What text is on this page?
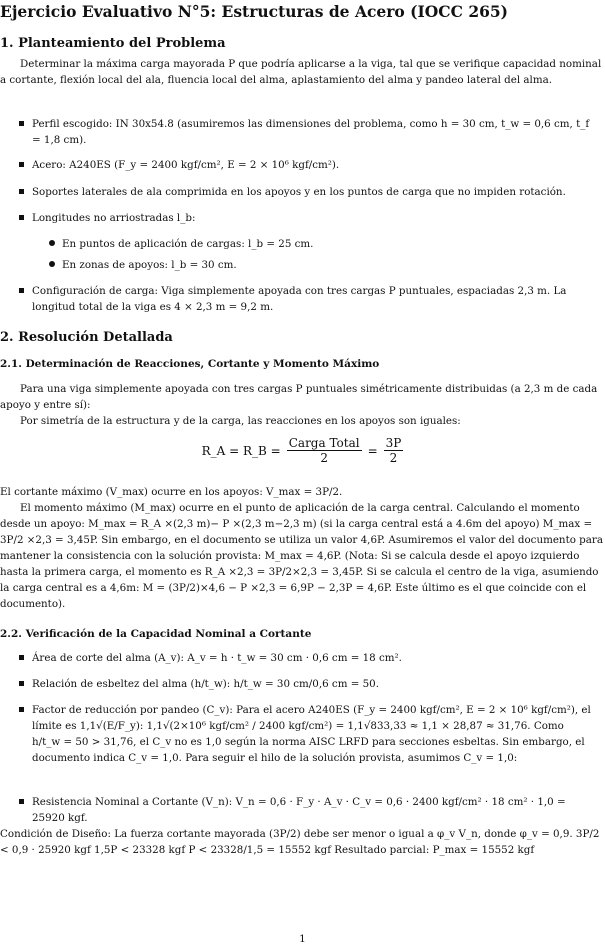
Ejercicio Evaluativo N°5: Estructuras de Acero (IOCC 265)
1. Planteamiento del Problema
Determinar la máxima carga mayorada P que podría aplicarse a la viga, tal que se verifique capacidad nominal a cortante, flexión local del ala, fluencia local del alma, aplastamiento del alma y pandeo lateral del alma.
Perfil escogido: IN 30x54.8 (asumiremos las dimensiones del problema, como h = 30 cm, t_w = 0,6 cm, t_f = 1,8 cm).
Acero: A240ES (F_y = 2400 kgf/cm², E = 2 × 10⁶ kgf/cm²).
Soportes laterales de ala comprimida en los apoyos y en los puntos de carga que no impiden rotación.
Longitudes no arriostradas l_b:
En puntos de aplicación de cargas: l_b = 25 cm.
En zonas de apoyos: l_b = 30 cm.
Configuración de carga: Viga simplemente apoyada con tres cargas P puntuales, espaciadas 2,3 m. La longitud total de la viga es 4 × 2,3 m = 9,2 m.
2. Resolución Detallada
2.1. Determinación de Reacciones, Cortante y Momento Máximo
Para una viga simplemente apoyada con tres cargas P puntuales simétricamente distribuidas (a 2,3 m de cada apoyo y entre sí):
Por simetría de la estructura y de la carga, las reacciones en los apoyos son iguales:
R_A = R_B =
Carga Total
2
= $\frac{3P}{2}$
El cortante máximo (V_max) ocurre en los apoyos: V_max = 3P/2.
El momento máximo (M_max) ocurre en el punto de aplicación de la carga central. Calculando el momento desde un apoyo: M_max = R_A ×(2,3 m)− P ×(2,3 m−2,3 m) (si la carga central está a 4.6m del apoyo) M_max = 3P/2 ×2,3 = 3,45P. Sin embargo, en el documento se utiliza un valor 4,6P. Asumiremos el valor del documento para mantener la consistencia con la solución provista: M_max = 4,6P. (Nota: Si se calcula desde el apoyo izquierdo hasta la primera carga, el momento es R_A ×2,3 = 3P/2×2,3 = 3,45P. Si se calcula el centro de la viga, asumiendo la carga central es a 4,6m: M = (3P/2)×4,6 − P ×2,3 = 6,9P − 2,3P = 4,6P. Este último es el que coincide con el documento).
2.2. Verificación de la Capacidad Nominal a Cortante
Área de corte del alma (A_v): A_v = h · t_w = 30 cm · 0,6 cm = 18 cm².
Relación de esbeltez del alma (h/t_w): h/t_w = 30 cm/0,6 cm = 50.
Factor de reducción por pandeo (C_v): Para el acero A240ES (F_y = 2400 kgf/cm², E = 2 × 10⁶ kgf/cm²), el límite es 1,1√(E/F_y): 1,1√(2×10⁶ kgf/cm² / 2400 kgf/cm²) = 1,1√833,33 ≈ 1,1 × 28,87 ≈ 31,76. Como h/t_w = 50 > 31,76, el C_v no es 1,0 según la norma AISC LRFD para secciones esbeltas. Sin embargo, el documento indica C_v = 1,0. Para seguir el hilo de la solución provista, asumimos C_v = 1,0:
Resistencia Nominal a Cortante (V_n): V_n = 0,6 · F_y · A_v · C_v = 0,6 · 2400 kgf/cm² · 18 cm² · 1,0 = 25920 kgf.
Condición de Diseño: La fuerza cortante mayorada (3P/2) debe ser menor o igual a φ_v V_n, donde φ_v = 0,9. 3P/2 < 0,9 · 25920 kgf 1,5P < 23328 kgf P < 23328/1,5 = 15552 kgf Resultado parcial: P_max = 15552 kgf
1
